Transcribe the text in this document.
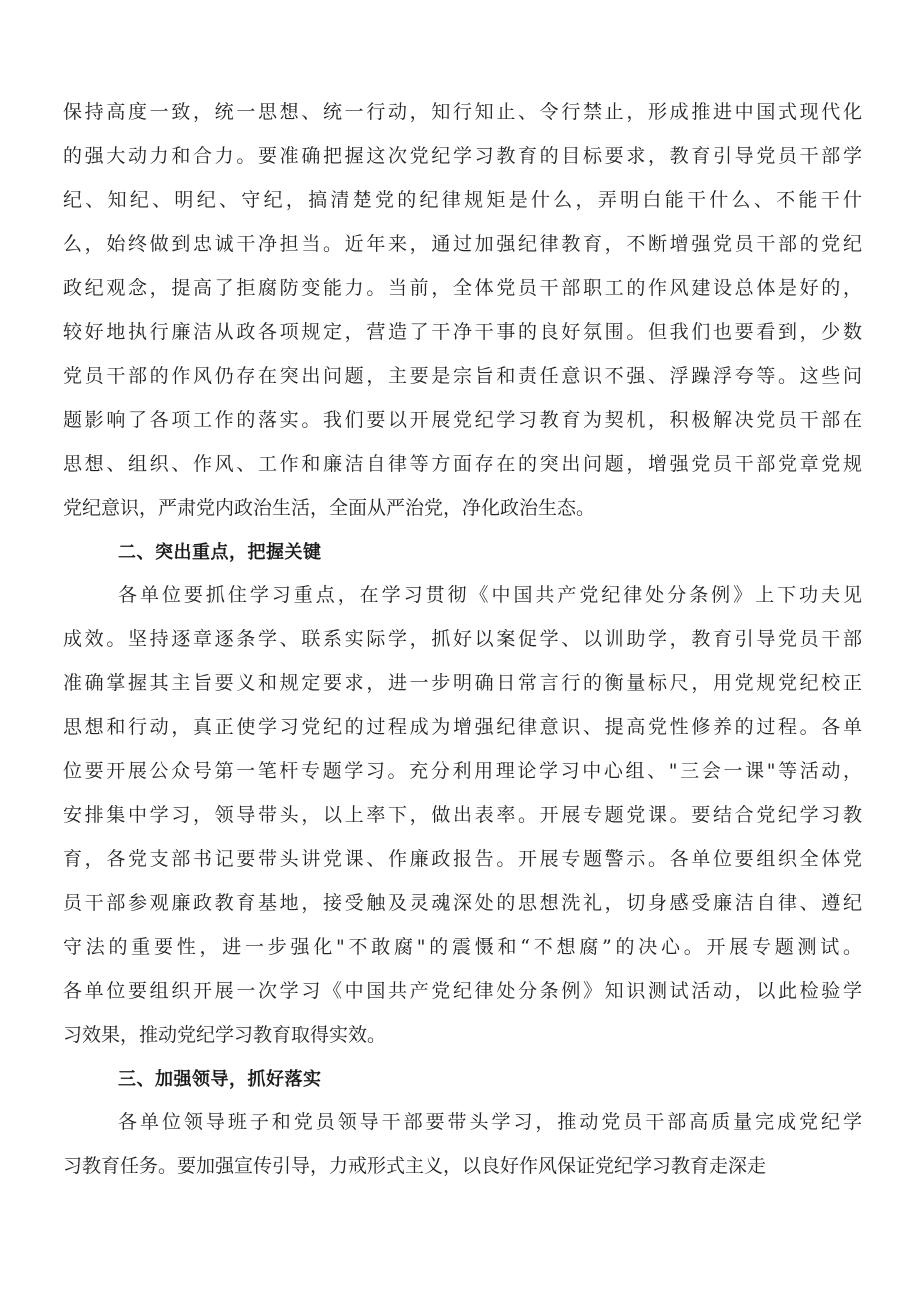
保持高度一致，统一思想、统一行动，知行知止、令行禁止，形成推进中国式现代化
的强大动力和合力。要准确把握这次党纪学习教育的目标要求，教育引导党员干部学
纪、知纪、明纪、守纪，搞清楚党的纪律规矩是什么，弄明白能干什么、不能干什
么，始终做到忠诚干净担当。近年来，通过加强纪律教育，不断增强党员干部的党纪
政纪观念，提高了拒腐防变能力。当前，全体党员干部职工的作风建设总体是好的，
较好地执行廉洁从政各项规定，营造了干净干事的良好氛围。但我们也要看到，少数
党员干部的作风仍存在突出问题，主要是宗旨和责任意识不强、浮躁浮夸等。这些问
题影响了各项工作的落实。我们要以开展党纪学习教育为契机，积极解决党员干部在
思想、组织、作风、工作和廉洁自律等方面存在的突出问题，增强党员干部党章党规
党纪意识，严肃党内政治生活，全面从严治党，净化政治生态。
二、突出重点，把握关键
各单位要抓住学习重点，在学习贯彻《中国共产党纪律处分条例》上下功夫见
成效。坚持逐章逐条学、联系实际学，抓好以案促学、以训助学，教育引导党员干部
准确掌握其主旨要义和规定要求，进一步明确日常言行的衡量标尺，用党规党纪校正
思想和行动，真正使学习党纪的过程成为增强纪律意识、提高党性修养的过程。各单
位要开展公众号第一笔杆专题学习。充分利用理论学习中心组、"三会一课"等活动，
安排集中学习，领导带头，以上率下，做出表率。开展专题党课。要结合党纪学习教
育，各党支部书记要带头讲党课、作廉政报告。开展专题警示。各单位要组织全体党
员干部参观廉政教育基地，接受触及灵魂深处的思想洗礼，切身感受廉洁自律、遵纪
守法的重要性，进一步强化"不敢腐"的震慑和“不想腐”的决心。开展专题测试。
各单位要组织开展一次学习《中国共产党纪律处分条例》知识测试活动，以此检验学
习效果，推动党纪学习教育取得实效。
三、加强领导，抓好落实
各单位领导班子和党员领导干部要带头学习，推动党员干部高质量完成党纪学
习教育任务。要加强宣传引导，力戒形式主义，以良好作风保证党纪学习教育走深走
